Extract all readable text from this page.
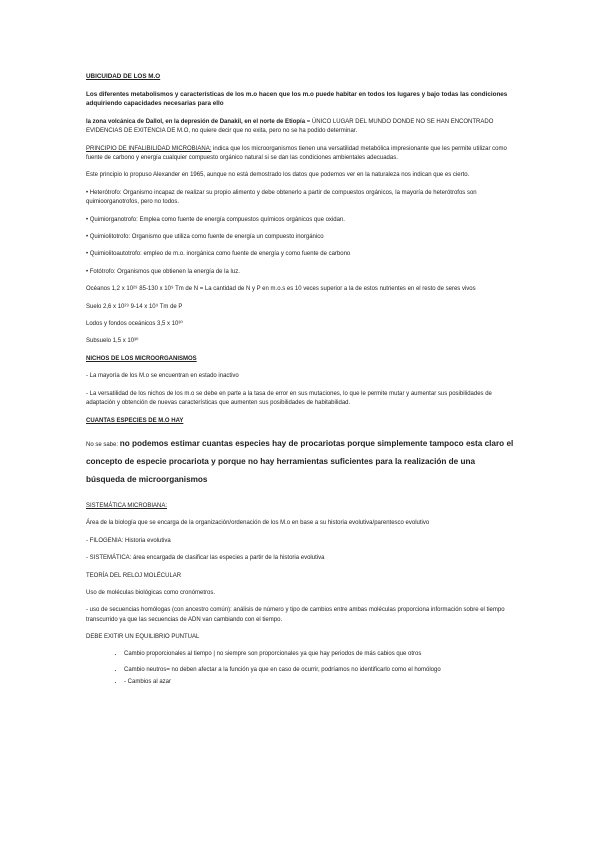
UBICUIDAD DE LOS M.O

Los diferentes metabolismos y características de los m.o hacen que los m.o puede habitar en todos los lugares y bajo todas las condiciones adquiriendo capacidades necesarias para ello

la zona volcánica de Dallol, en la depresión de Danakil, en el norte de Etiopía = ÚNICO LUGAR DEL MUNDO DONDE NO SE HAN ENCONTRADO EVIDENCIAS DE EXITENCIA DE M.O, no quiere decir que no exita, pero no se ha podido determinar.

PRINCIPIO DE INFALIBILIDAD MICROBIANA: indica que los microorganismos tienen una versatilidad metabólica impresionante que les permite utilizar como fuente de carbono y energía cualquier compuesto orgánico natural si se dan las condiciones ambientales adecuadas.

Este principio lo propuso Alexander en 1965, aunque no está demostrado los datos que podemos ver en la naturaleza nos indican que es cierto.

• Heterótrofo: Organismo incapaz de realizar su propio alimento y debe obtenerlo a partir de compuestos orgánicos, la mayoría de heterótrofos son quimioorganotrofos, pero no todos.

• Quimiorganotrofo: Emplea como fuente de energía compuestos químicos orgánicos que oxidan.

• Quimiolitotrofo: Organismo que utiliza como fuente de energía un compuesto inorgánico

• Quimiolitoautotrofo: empleo de m.o. inorgánica como fuente de energía y como fuente de carbono

• Fotótrofo: Organismos que obtienen la energía de la luz.

Océanos 1,2 x 10²⁹ 85-130 x 10⁹ Tm de N = La cantidad de N y P en m.o.s es 10 veces superior a la de estos nutrientes en el resto de seres vivos

Suelo 2,6 x 10²⁹ 9-14 x 10⁹ Tm de P

Lodos y fondos oceánicos 3,5 x 10³⁰

Subsuelo 1,5 x 10³⁰

NICHOS DE LOS MICROORGANISMOS

- La mayoría de los M.o se encuentran en estado inactivo

- La versatilidad de los nichos de los m.o se debe en parte a la tasa de error en sus mutaciones, lo que le permite mutar y aumentar sus posibilidades de adaptación y obtención de nuevas características que aumenten sus posibilidades de habitabilidad.

CUANTAS ESPECIES DE M.O HAY

No se sabe: no podemos estimar cuantas especies hay de procariotas porque simplemente tampoco esta claro el concepto de especie procariota y porque no hay herramientas suficientes para la realización de una búsqueda de microorganismos

SISTEMÁTICA MICROBIANA:

Área de la biología que se encarga de la organización/ordenación de los M.o en base a su historia evolutiva/parentesco evolutivo

- FILOGENIA: Historia evolutiva

- SISTEMÁTICA: área encargada de clasificar las especies a partir de la historia evolutiva

TEORÍA DEL RELOJ MOLÉCULAR

Uso de moléculas biológicas como cronómetros.

- uso de secuencias homólogas (con ancestro común): análisis de número y tipo de cambios entre ambas moléculas proporciona información sobre el tiempo transcurrido ya que las secuencias de ADN van cambiando con el tiempo.

DEBE EXITIR UN EQUILIBRIO PUNTUAL

• Cambio proporcionales al tiempo | no siempre son proporcionales ya que hay periodos de más cabios que otros
• Cambio neutros= no deben afectar a la función ya que en caso de ocurrir, podríamos no identificarlo como el homólogo
• - Cambios al azar
